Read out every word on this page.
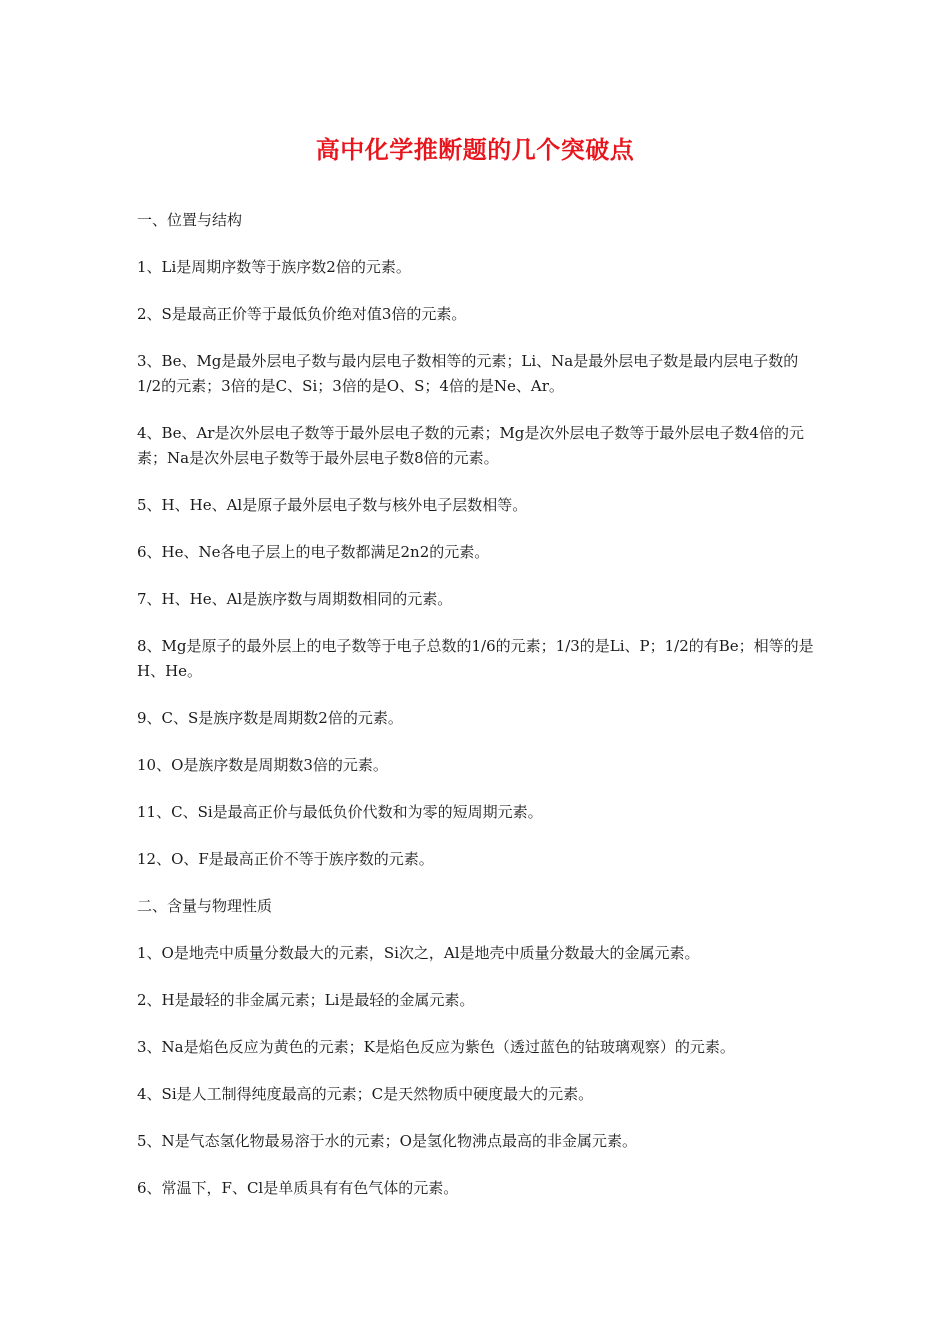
高中化学推断题的几个突破点
一、位置与结构
1、Li是周期序数等于族序数2倍的元素。
2、S是最高正价等于最低负价绝对值3倍的元素。
3、Be、Mg是最外层电子数与最内层电子数相等的元素；Li、Na是最外层电子数是最内层电子数的1/2的元素；3倍的是C、Si；3倍的是O、S；4倍的是Ne、Ar。
4、Be、Ar是次外层电子数等于最外层电子数的元素；Mg是次外层电子数等于最外层电子数4倍的元素；Na是次外层电子数等于最外层电子数8倍的元素。
5、H、He、Al是原子最外层电子数与核外电子层数相等。
6、He、Ne各电子层上的电子数都满足2n2的元素。
7、H、He、Al是族序数与周期数相同的元素。
8、Mg是原子的最外层上的电子数等于电子总数的1/6的元素；1/3的是Li、P；1/2的有Be；相等的是H、He。
9、C、S是族序数是周期数2倍的元素。
10、O是族序数是周期数3倍的元素。
11、C、Si是最高正价与最低负价代数和为零的短周期元素。
12、O、F是最高正价不等于族序数的元素。
二、含量与物理性质
1、O是地壳中质量分数最大的元素，Si次之，Al是地壳中质量分数最大的金属元素。
2、H是最轻的非金属元素；Li是最轻的金属元素。
3、Na是焰色反应为黄色的元素；K是焰色反应为紫色（透过蓝色的钴玻璃观察）的元素。
4、Si是人工制得纯度最高的元素；C是天然物质中硬度最大的元素。
5、N是气态氢化物最易溶于水的元素；O是氢化物沸点最高的非金属元素。
6、常温下，F、Cl是单质具有有色气体的元素。
